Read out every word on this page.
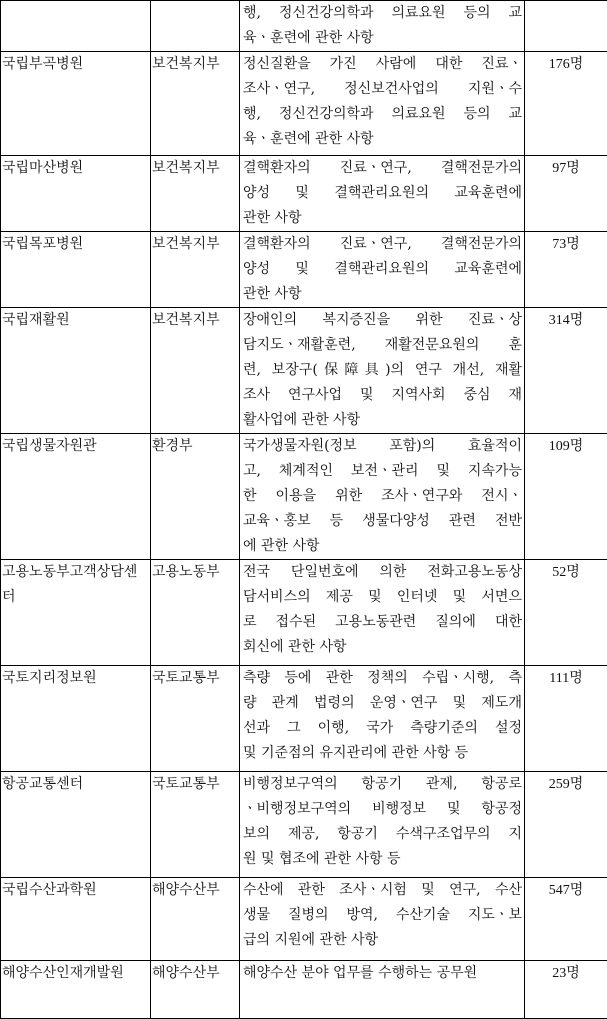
		행, 정신건강의학과 의료요원 등의 교
육ㆍ훈련에 관한 사항	

국립부곡병원	보건복지부	정신질환을 가진 사람에 대한 진료ㆍ
조사ㆍ연구, 정신보건사업의 지원ㆍ수
행, 정신건강의학과 의료요원 등의 교
육ㆍ훈련에 관한 사항	176명
국립마산병원	보건복지부	결핵환자의 진료ㆍ연구, 결핵전문가의
양성 및 결핵관리요원의 교육훈련에
관한 사항	97명
국립목포병원	보건복지부	결핵환자의 진료ㆍ연구, 결핵전문가의
양성 및 결핵관리요원의 교육훈련에
관한 사항	73명
국립재활원	보건복지부	장애인의 복지증진을 위한 진료ㆍ상
담지도ㆍ재활훈련, 재활전문요원의 훈
련, 보장구(保障具)의 연구 개선, 재활
조사 연구사업 및 지역사회 중심 재
활사업에 관한 사항	314명
국립생물자원관	환경부	국가생물자원(정보 포함)의 효율적이
고, 체계적인 보전ㆍ관리 및 지속가능
한 이용을 위한 조사ㆍ연구와 전시ㆍ
교육ㆍ홍보 등 생물다양성 관련 전반
에 관한 사항	109명
고용노동부고객상담센터	고용노동부	전국 단일번호에 의한 전화고용노동상
담서비스의 제공 및 인터넷 및 서면으
로 접수된 고용노동관련 질의에 대한
회신에 관한 사항	52명
국토지리정보원	국토교통부	측량 등에 관한 정책의 수립ㆍ시행, 측
량 관계 법령의 운영ㆍ연구 및 제도개
선과 그 이행, 국가 측량기준의 설정
및 기준점의 유지관리에 관한 사항 등	111명
항공교통센터	국토교통부	비행정보구역의 항공기 관제, 항공로
ㆍ비행정보구역의 비행정보 및 항공정
보의 제공, 항공기 수색구조업무의 지
원 및 협조에 관한 사항 등	259명
국립수산과학원	해양수산부	수산에 관한 조사ㆍ시험 및 연구, 수산
생물 질병의 방역, 수산기술 지도ㆍ보
급의 지원에 관한 사항	547명
해양수산인재개발원	해양수산부	해양수산 분야 업무를 수행하는 공무원	23명
